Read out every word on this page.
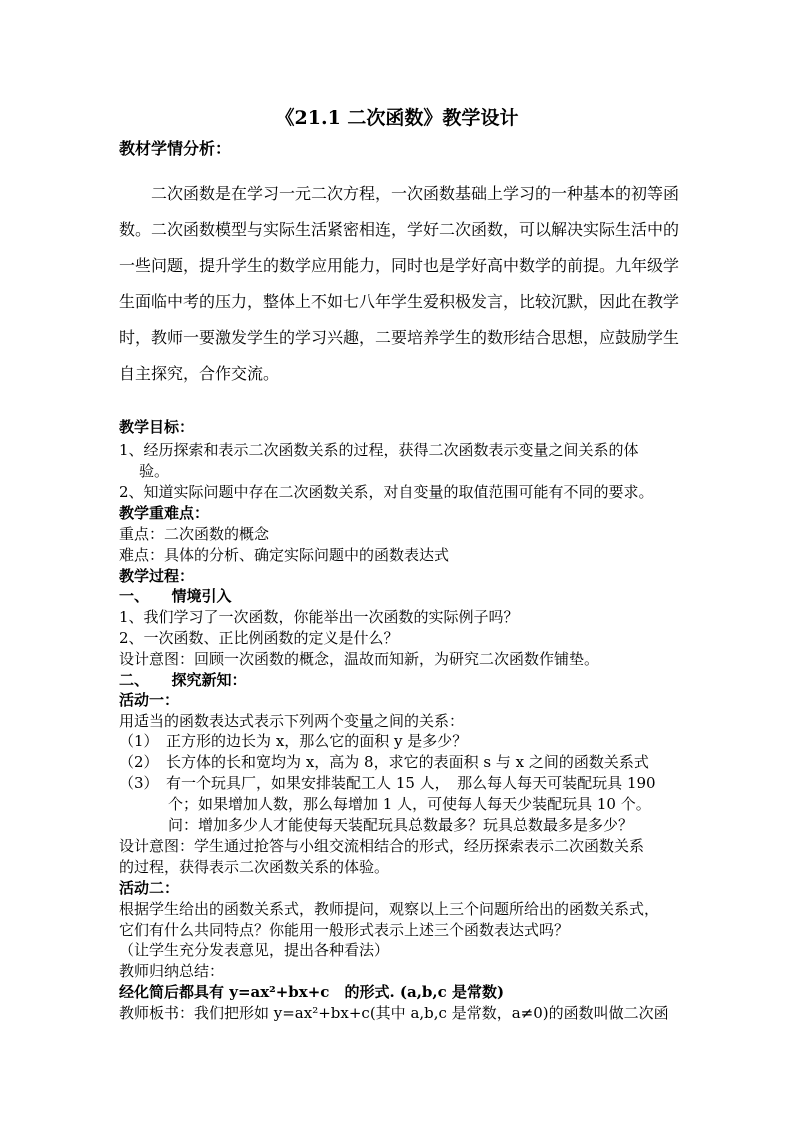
《21.1 二次函数》教学设计
教材学情分析：
二次函数是在学习一元二次方程，一次函数基础上学习的一种基本的初等函
数。二次函数模型与实际生活紧密相连，学好二次函数，可以解决实际生活中的
一些问题，提升学生的数学应用能力，同时也是学好高中数学的前提。九年级学
生面临中考的压力，整体上不如七八年学生爱积极发言，比较沉默，因此在教学
时，教师一要激发学生的学习兴趣，二要培养学生的数形结合思想，应鼓励学生
自主探究，合作交流。
教学目标：
1、经历探索和表示二次函数关系的过程，获得二次函数表示变量之间关系的体
验。
2、知道实际问题中存在二次函数关系，对自变量的取值范围可能有不同的要求。
教学重难点：
重点：二次函数的概念
难点：具体的分析、确定实际问题中的函数表达式
教学过程：
一、　　情境引入
1、我们学习了一次函数，你能举出一次函数的实际例子吗？
2、一次函数、正比例函数的定义是什么？
设计意图：回顾一次函数的概念，温故而知新，为研究二次函数作铺垫。
二、　　探究新知：
活动一：
用适当的函数表达式表示下列两个变量之间的关系：
（1）　正方形的边长为 x，那么它的面积 y 是多少？
（2）　长方体的长和宽均为 x，高为 8，求它的表面积 s 与 x 之间的函数关系式
（3）　有一个玩具厂，如果安排装配工人 15 人，　那么每人每天可装配玩具 190
个；如果增加人数，那么每增加 1 人，可使每人每天少装配玩具 10 个。
问：增加多少人才能使每天装配玩具总数最多？玩具总数最多是多少？
设计意图：学生通过抢答与小组交流相结合的形式，经历探索表示二次函数关系
的过程，获得表示二次函数关系的体验。
活动二：
根据学生给出的函数关系式，教师提问，观察以上三个问题所给出的函数关系式，
它们有什么共同特点？你能用一般形式表示上述三个函数表达式吗？
（让学生充分发表意见，提出各种看法）
教师归纳总结：
经化简后都具有 y=ax²+bx+c　的形式. (a,b,c 是常数)
教师板书：我们把形如 y=ax²+bx+c(其中 a,b,c 是常数，a≠0)的函数叫做二次函
